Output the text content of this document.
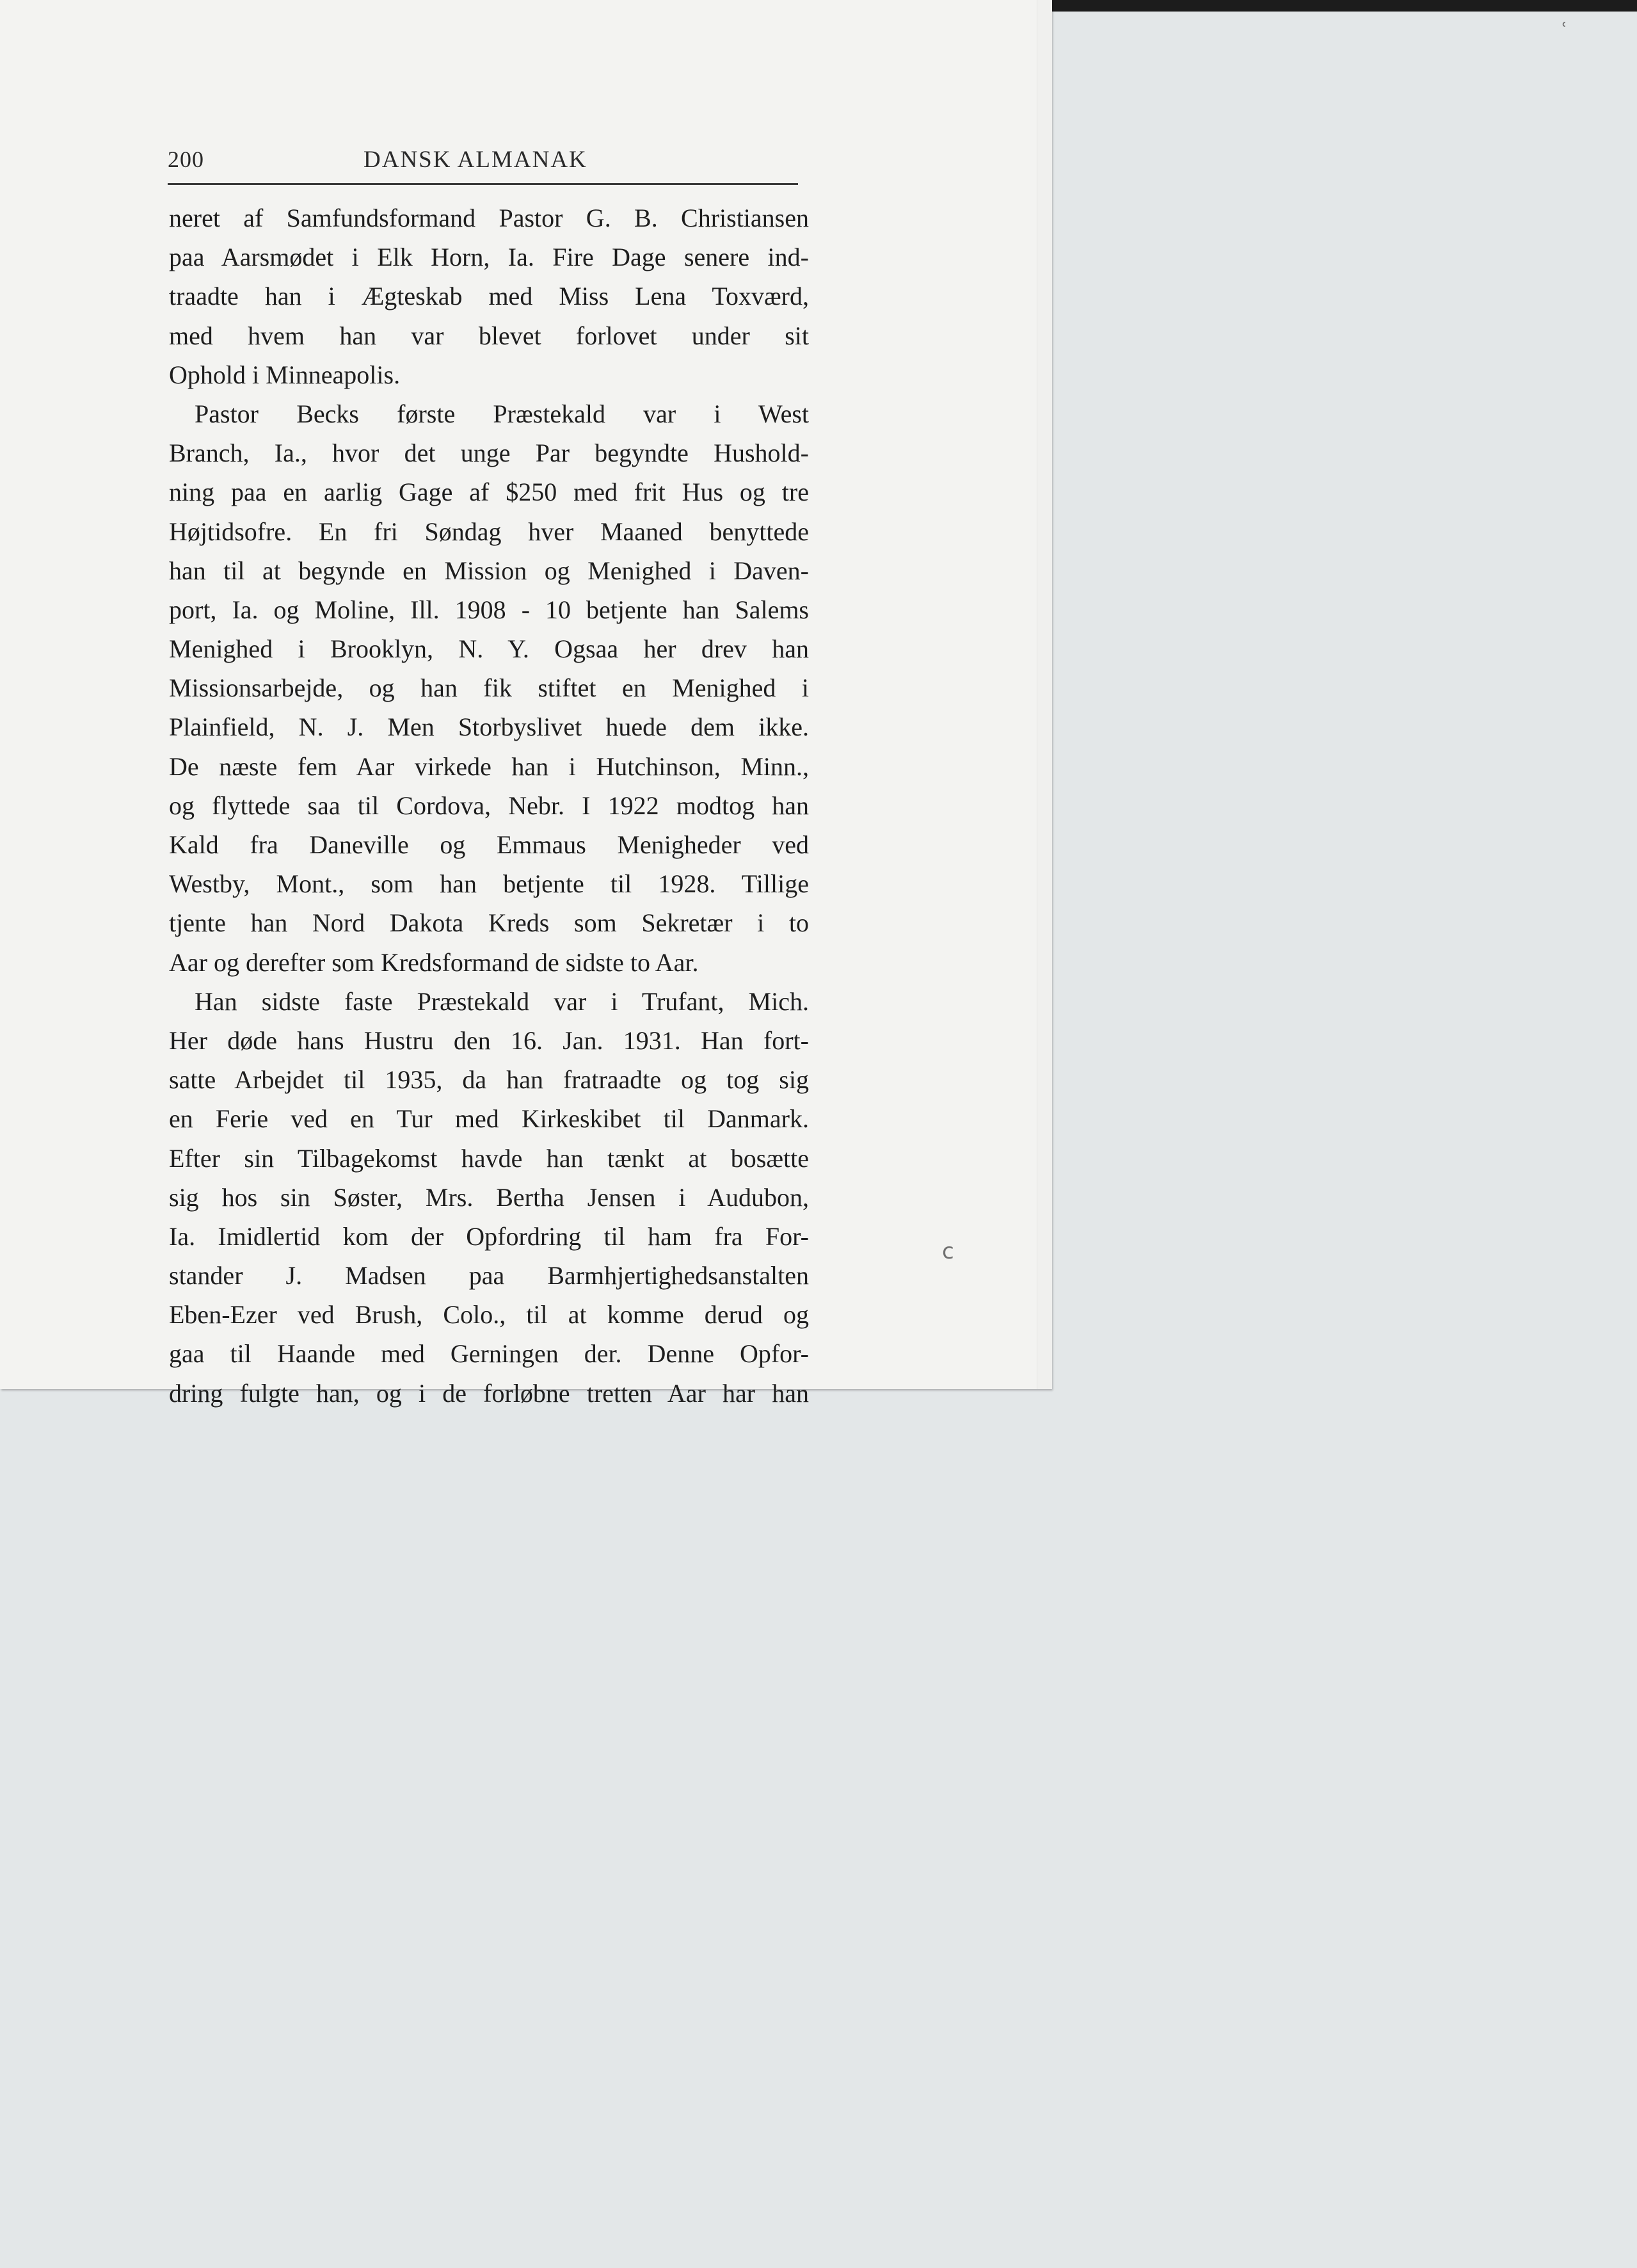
200	DANSK ALMANAK
neret af Samfundsformand Pastor G. B. Christiansen
paa Aarsmødet i Elk Horn, Ia. Fire Dage senere ind-
traadte han i Ægteskab med Miss Lena Toxværd,
med hvem han var blevet forlovet under sit
Ophold i Minneapolis.
Pastor Becks første Præstekald var i West
Branch, Ia., hvor det unge Par begyndte Hushold-
ning paa en aarlig Gage af $250 med frit Hus og tre
Højtidsofre. En fri Søndag hver Maaned benyttede
han til at begynde en Mission og Menighed i Daven-
port, Ia. og Moline, Ill. 1908 - 10 betjente han Salems
Menighed i Brooklyn, N. Y. Ogsaa her drev han
Missionsarbejde, og han fik stiftet en Menighed i
Plainfield, N. J. Men Storbyslivet huede dem ikke.
De næste fem Aar virkede han i Hutchinson, Minn.,
og flyttede saa til Cordova, Nebr. I 1922 modtog han
Kald fra Daneville og Emmaus Menigheder ved
Westby, Mont., som han betjente til 1928. Tillige
tjente han Nord Dakota Kreds som Sekretær i to
Aar og derefter som Kredsformand de sidste to Aar.
Han sidste faste Præstekald var i Trufant, Mich.
Her døde hans Hustru den 16. Jan. 1931. Han fort-
satte Arbejdet til 1935, da han fratraadte og tog sig
en Ferie ved en Tur med Kirkeskibet til Danmark.
Efter sin Tilbagekomst havde han tænkt at bosætte
sig hos sin Søster, Mrs. Bertha Jensen i Audubon,
Ia. Imidlertid kom der Opfordring til ham fra For-
stander J. Madsen paa Barmhjertighedsanstalten
Eben-Ezer ved Brush, Colo., til at komme derud og
gaa til Haande med Gerningen der. Denne Opfor-
dring fulgte han, og i de forløbne tretten Aar har han
c
ʿ
